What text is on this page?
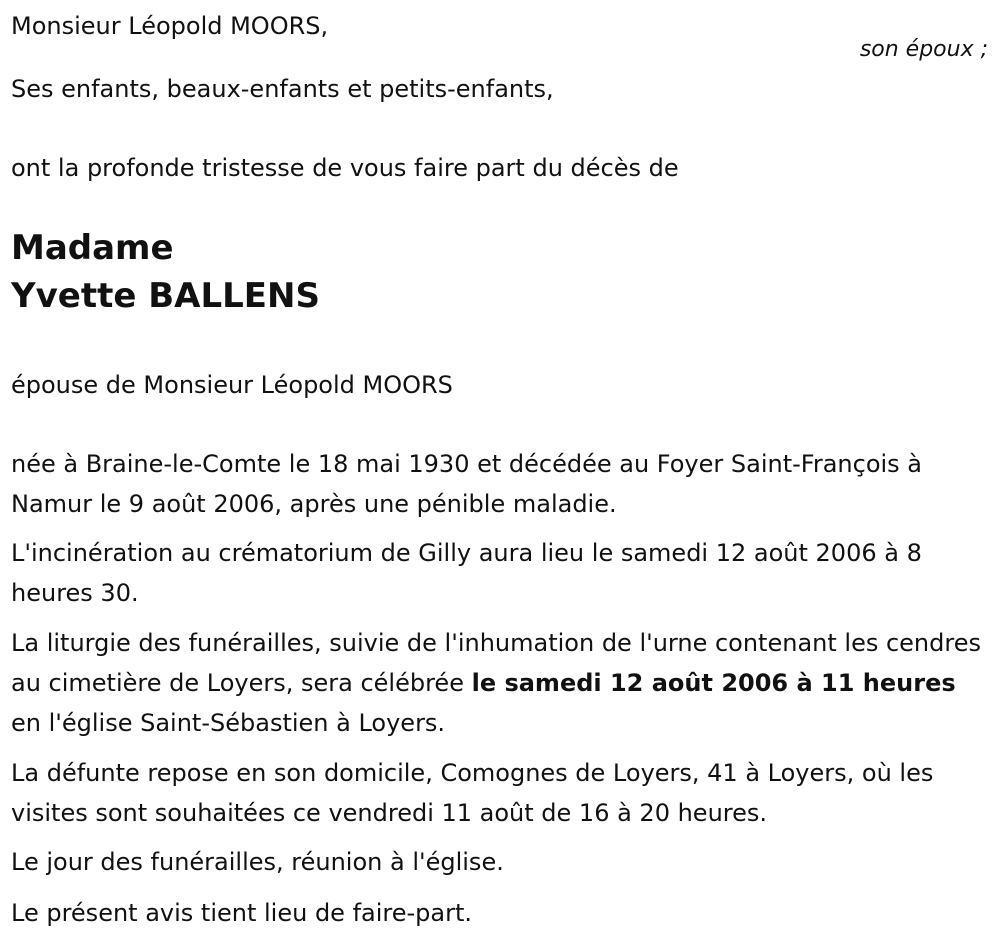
Monsieur Léopold MOORS,

son époux ;

Ses enfants, beaux-enfants et petits-enfants,

ont la profonde tristesse de vous faire part du décès de

Madame

Yvette BALLENS

épouse de Monsieur Léopold MOORS

née à Braine-le-Comte le 18 mai 1930 et décédée au Foyer Saint-François à Namur le 9 août 2006, après une pénible maladie.

L'incinération au crématorium de Gilly aura lieu le samedi 12 août 2006 à 8 heures 30.

La liturgie des funérailles, suivie de l'inhumation de l'urne contenant les cendres au cimetière de Loyers, sera célébrée le samedi 12 août 2006 à 11 heures en l'église Saint-Sébastien à Loyers.

La défunte repose en son domicile, Comognes de Loyers, 41 à Loyers, où les visites sont souhaitées ce vendredi 11 août de 16 à 20 heures.

Le jour des funérailles, réunion à l'église.

Le présent avis tient lieu de faire-part.
